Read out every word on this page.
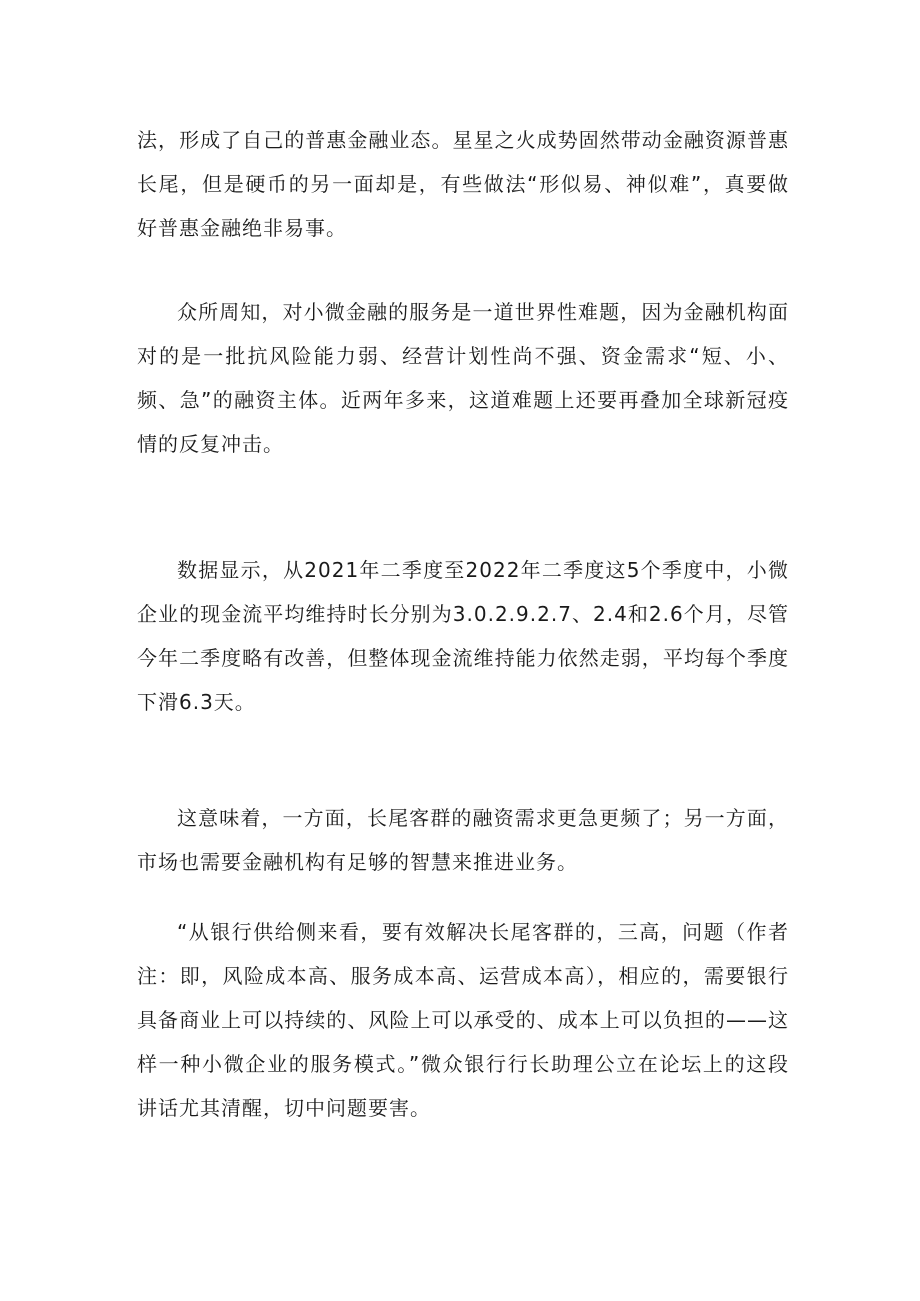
法，形成了自己的普惠金融业态。星星之火成势固然带动金融资源普惠长尾，但是硬币的另一面却是，有些做法“形似易、神似难”，真要做好普惠金融绝非易事。

众所周知，对小微金融的服务是一道世界性难题，因为金融机构面对的是一批抗风险能力弱、经营计划性尚不强、资金需求“短、小、频、急”的融资主体。近两年多来，这道难题上还要再叠加全球新冠疫情的反复冲击。

数据显示，从2021年二季度至2022年二季度这5个季度中，小微企业的现金流平均维持时长分别为3.0.2.9.2.7、2.4和2.6个月，尽管今年二季度略有改善，但整体现金流维持能力依然走弱，平均每个季度下滑6.3天。

这意味着，一方面，长尾客群的融资需求更急更频了；另一方面，市场也需要金融机构有足够的智慧来推进业务。

“从银行供给侧来看，要有效解决长尾客群的，三高，问题（作者注：即，风险成本高、服务成本高、运营成本高），相应的，需要银行具备商业上可以持续的、风险上可以承受的、成本上可以负担的——这样一种小微企业的服务模式。”微众银行行长助理公立在论坛上的这段讲话尤其清醒，切中问题要害。
